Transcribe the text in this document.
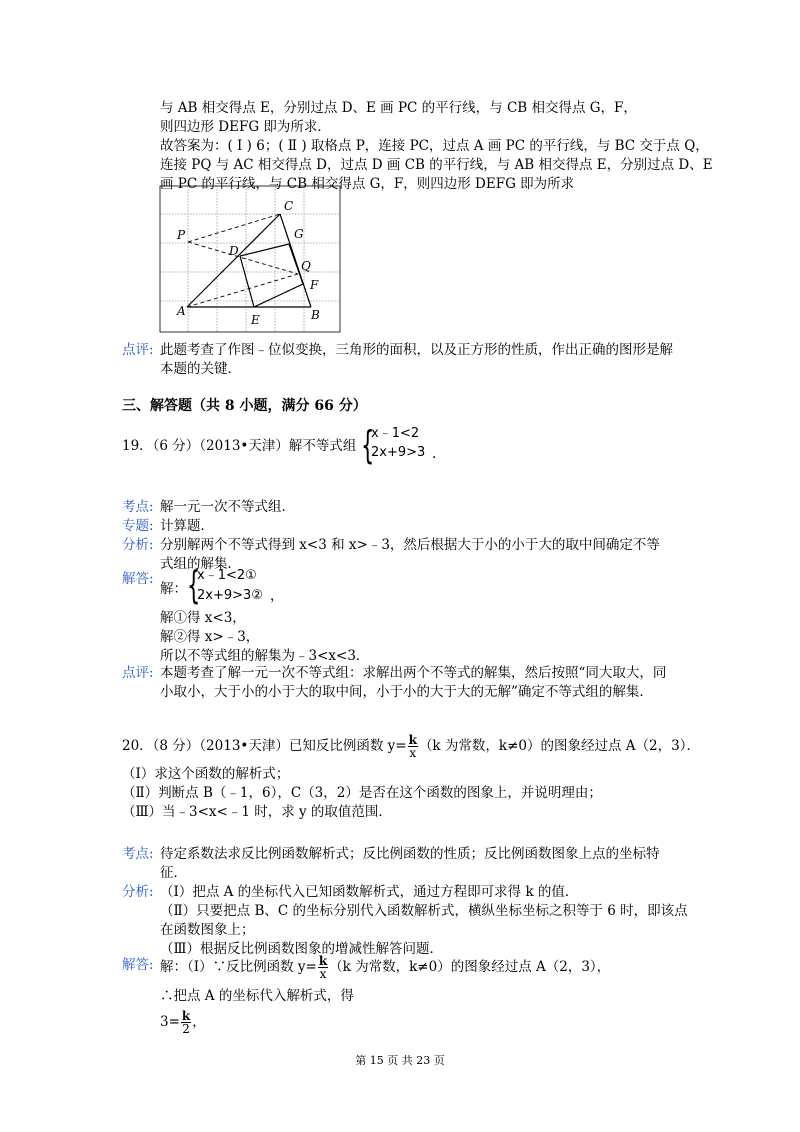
与 AB 相交得点 E，分别过点 D、E 画 PC 的平行线，与 CB 相交得点 G，F，
则四边形 DEFG 即为所求．
故答案为：( Ⅰ ) 6；( Ⅱ ) 取格点 P，连接 PC，过点 A 画 PC 的平行线，与 BC 交于点 Q，
连接 PQ 与 AC 相交得点 D，过点 D 画 CB 的平行线，与 AB 相交得点 E，分别过点 D、E
画 PC 的平行线，与 CB 相交得点 G，F，则四边形 DEFG 即为所求
C
P	G
D
Q
F
A
E	B
点评: 此题考查了作图﹣位似变换，三角形的面积，以及正方形的性质，作出正确的图形是解
本题的关键．
三、解答题（共 8 小题，满分 66 分）
19．（6 分）（2013•天津）解不等式组 {
x﹣1<2
2x+9>3 .
考点: 解一元一次不等式组．
专题: 计算题．
分析: 分别解两个不等式得到 x<3 和 x>﹣3，然后根据大于小的小于大的取中间确定不等
式组的解集．
解答:
解： {
x﹣1<2①
2x+9>3② ，
解①得 x<3，
解②得 x>﹣3，
所以不等式组的解集为﹣3<x<3．
点评: 本题考查了解一元一次不等式组：求解出两个不等式的解集，然后按照“同大取大，同
小取小，大于小的小于大的取中间，小于小的大于大的无解”确定不等式组的解集．
20．（8 分）（2013•天津）已知反比例函数 $y= \frac{k}{x} (k$ 为常数，k≠0）的图象经过点 A（2，3）．
（Ⅰ）求这个函数的解析式；
（Ⅱ）判断点 B（﹣1，6），C（3，2）是否在这个函数的图象上，并说明理由；
（Ⅲ）当﹣3<x<﹣1 时，求 y 的取值范围．
考点: 待定系数法求反比例函数解析式；反比例函数的性质；反比例函数图象上点的坐标特
征．
分析: （Ⅰ）把点 A 的坐标代入已知函数解析式，通过方程即可求得 k 的值．
（Ⅱ）只要把点 B、C 的坐标分别代入函数解析式，横纵坐标坐标之积等于 6 时，即该点
在函数图象上；
（Ⅲ）根据反比例函数图象的增减性解答问题．
解答: 解：（Ⅰ）∵反比例函数 $y= \frac{k}{x} (k$ 为常数，k≠0）的图象经过点 A（2，3），
∴把点 A 的坐标代入解析式，得
$3= \frac{k}{2}$ ，
第 15 页 共 23 页
